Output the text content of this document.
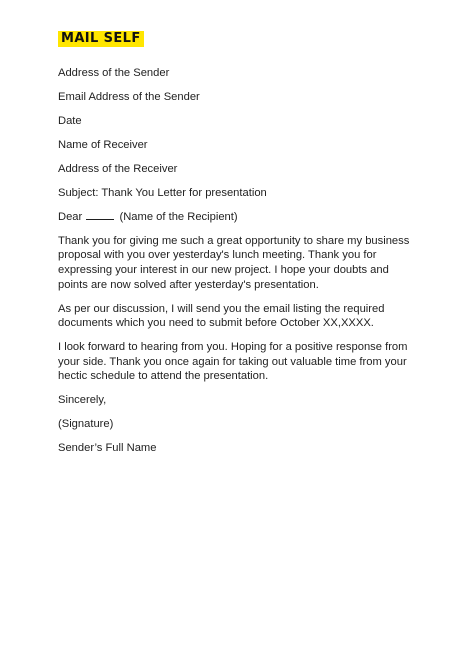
MAIL SELF
Address of the Sender
Email Address of the Sender
Date
Name of Receiver
Address of the Receiver
Subject: Thank You Letter for presentation
Dear	(Name of the Recipient)
Thank you for giving me such a great opportunity to share my business proposal with you over yesterday's lunch meeting. Thank you for expressing your interest in our new project. I hope your doubts and points are now solved after yesterday's presentation.
As per our discussion, I will send you the email listing the required documents which you need to submit before October XX,XXXX.
I look forward to hearing from you. Hoping for a positive response from your side. Thank you once again for taking out valuable time from your hectic schedule to attend the presentation.
Sincerely,
(Signature)
Sender’s Full Name
